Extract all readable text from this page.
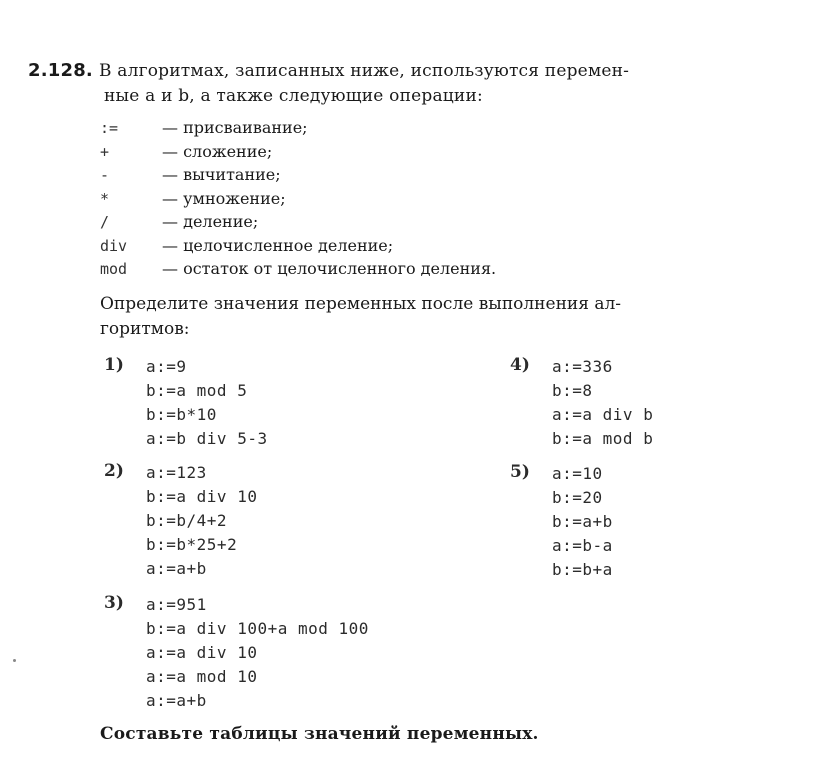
2.128. В алгоритмах, записанных ниже, используются перемен-
ные a и b, а также следующие операции:
:=	— присваивание;
+	— сложение;
-	— вычитание;
*	— умножение;
/	— деление;
div — целочисленное деление;
mod — остаток от целочисленного деления.
Определите значения переменных после выполнения ал-
горитмов:
1) a:=9
b:=a mod 5
b:=b*10
a:=b div 5-3
2) a:=123
b:=a div 10
b:=b/4+2
b:=b*25+2
a:=a+b
3) a:=951
b:=a div 100+a mod 100
a:=a div 10
a:=a mod 10
a:=a+b
4) a:=336
b:=8
a:=a div b
b:=a mod b
5) a:=10
b:=20
b:=a+b
a:=b-a
b:=b+a
Составьте таблицы значений переменных.
